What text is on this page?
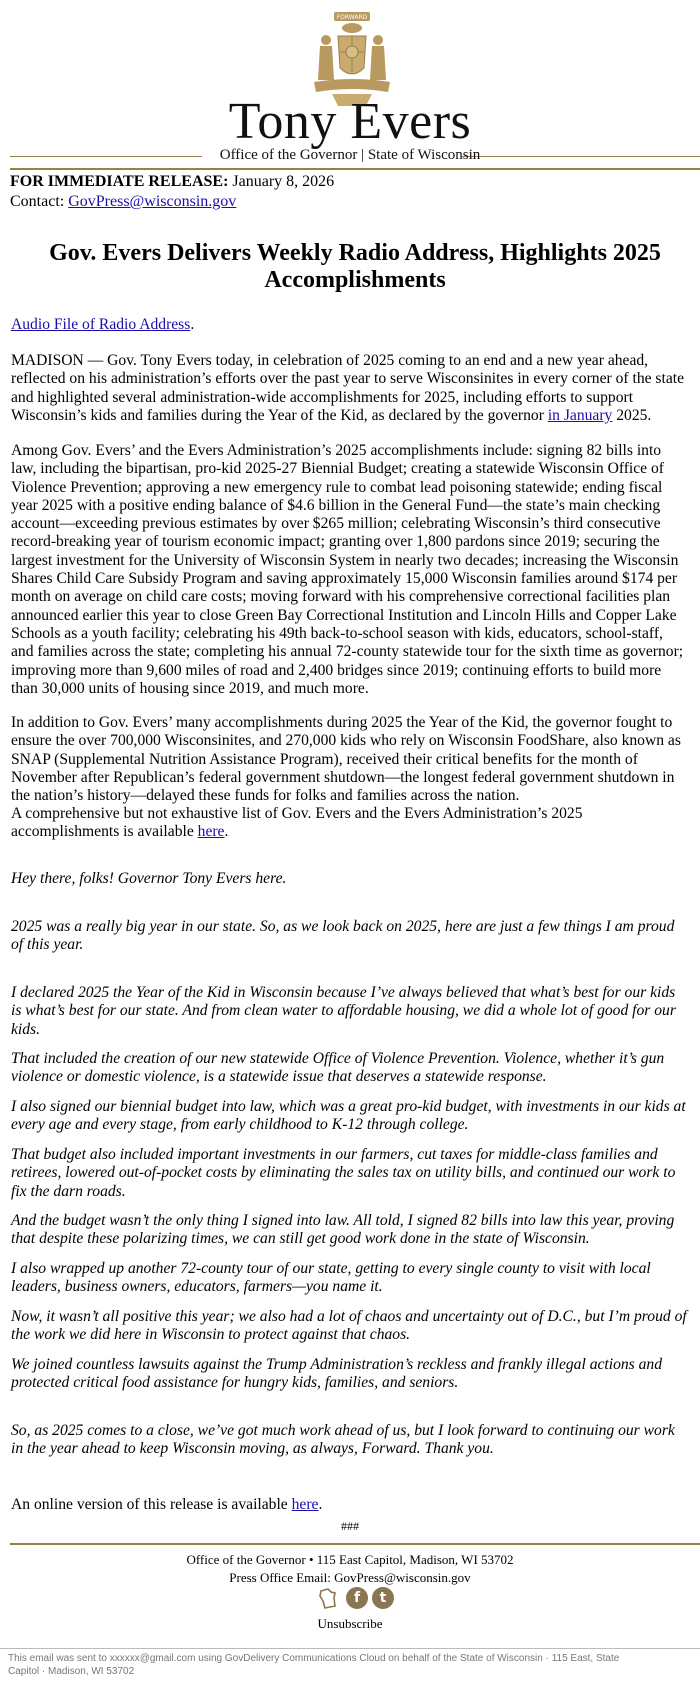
FORWARD
Tony Evers
Office of the Governor | State of Wisconsin
FOR IMMEDIATE RELEASE: January 8, 2026
Contact: GovPress@wisconsin.gov
Gov. Evers Delivers Weekly Radio Address, Highlights 2025
Accomplishments
Audio File of Radio Address.

MADISON — Gov. Tony Evers today, in celebration of 2025 coming to an end and a new year ahead,

reflected on his administration’s efforts over the past year to serve Wisconsinites in every corner of the state

and highlighted several administration-wide accomplishments for 2025, including efforts to support

Wisconsin’s kids and families during the Year of the Kid, as declared by the governor in January 2025.

Among Gov. Evers’ and the Evers Administration’s 2025 accomplishments include: signing 82 bills into

law, including the bipartisan, pro-kid 2025-27 Biennial Budget; creating a statewide Wisconsin Office of

Violence Prevention; approving a new emergency rule to combat lead poisoning statewide; ending fiscal

year 2025 with a positive ending balance of $4.6 billion in the General Fund—the state’s main checking

account—exceeding previous estimates by over $265 million; celebrating Wisconsin’s third consecutive

record-breaking year of tourism economic impact; granting over 1,800 pardons since 2019; securing the

largest investment for the University of Wisconsin System in nearly two decades; increasing the Wisconsin

Shares Child Care Subsidy Program and saving approximately 15,000 Wisconsin families around $174 per

month on average on child care costs; moving forward with his comprehensive correctional facilities plan

announced earlier this year to close Green Bay Correctional Institution and Lincoln Hills and Copper Lake

Schools as a youth facility; celebrating his 49th back-to-school season with kids, educators, school-staff,

and families across the state; completing his annual 72-county statewide tour for the sixth time as governor;

improving more than 9,600 miles of road and 2,400 bridges since 2019; continuing efforts to build more

than 30,000 units of housing since 2019, and much more.

In addition to Gov. Evers’ many accomplishments during 2025 the Year of the Kid, the governor fought to

ensure the over 700,000 Wisconsinites, and 270,000 kids who rely on Wisconsin FoodShare, also known as

SNAP (Supplemental Nutrition Assistance Program), received their critical benefits for the month of

November after Republican’s federal government shutdown—the longest federal government shutdown in

the nation’s history—delayed these funds for folks and families across the nation.

A comprehensive but not exhaustive list of Gov. Evers and the Evers Administration’s 2025

accomplishments is available here.

Hey there, folks! Governor Tony Evers here.

2025 was a really big year in our state. So, as we look back on 2025, here are just a few things I am proud

of this year.

I declared 2025 the Year of the Kid in Wisconsin because I’ve always believed that what’s best for our kids

is what’s best for our state. And from clean water to affordable housing, we did a whole lot of good for our

kids.

That included the creation of our new statewide Office of Violence Prevention. Violence, whether it’s gun

violence or domestic violence, is a statewide issue that deserves a statewide response.

I also signed our biennial budget into law, which was a great pro-kid budget, with investments in our kids at

every age and every stage, from early childhood to K-12 through college.

That budget also included important investments in our farmers, cut taxes for middle-class families and

retirees, lowered out-of-pocket costs by eliminating the sales tax on utility bills, and continued our work to

fix the darn roads.

And the budget wasn’t the only thing I signed into law. All told, I signed 82 bills into law this year, proving

that despite these polarizing times, we can still get good work done in the state of Wisconsin.

I also wrapped up another 72-county tour of our state, getting to every single county to visit with local

leaders, business owners, educators, farmers—you name it.

Now, it wasn’t all positive this year; we also had a lot of chaos and uncertainty out of D.C., but I’m proud of

the work we did here in Wisconsin to protect against that chaos.

We joined countless lawsuits against the Trump Administration’s reckless and frankly illegal actions and

protected critical food assistance for hungry kids, families, and seniors.

So, as 2025 comes to a close, we’ve got much work ahead of us, but I look forward to continuing our work

in the year ahead to keep Wisconsin moving, as always, Forward. Thank you.

An online version of this release is available here.
###
Office of the Governor • 115 East Capitol, Madison, WI 53702
Press Office Email: GovPress@wisconsin.gov
f	t
Unsubscribe
This email was sent to xxxxxx@gmail.com using GovDelivery Communications Cloud on behalf of the State of Wisconsin · 115 East, State
Capitol · Madison, WI 53702
